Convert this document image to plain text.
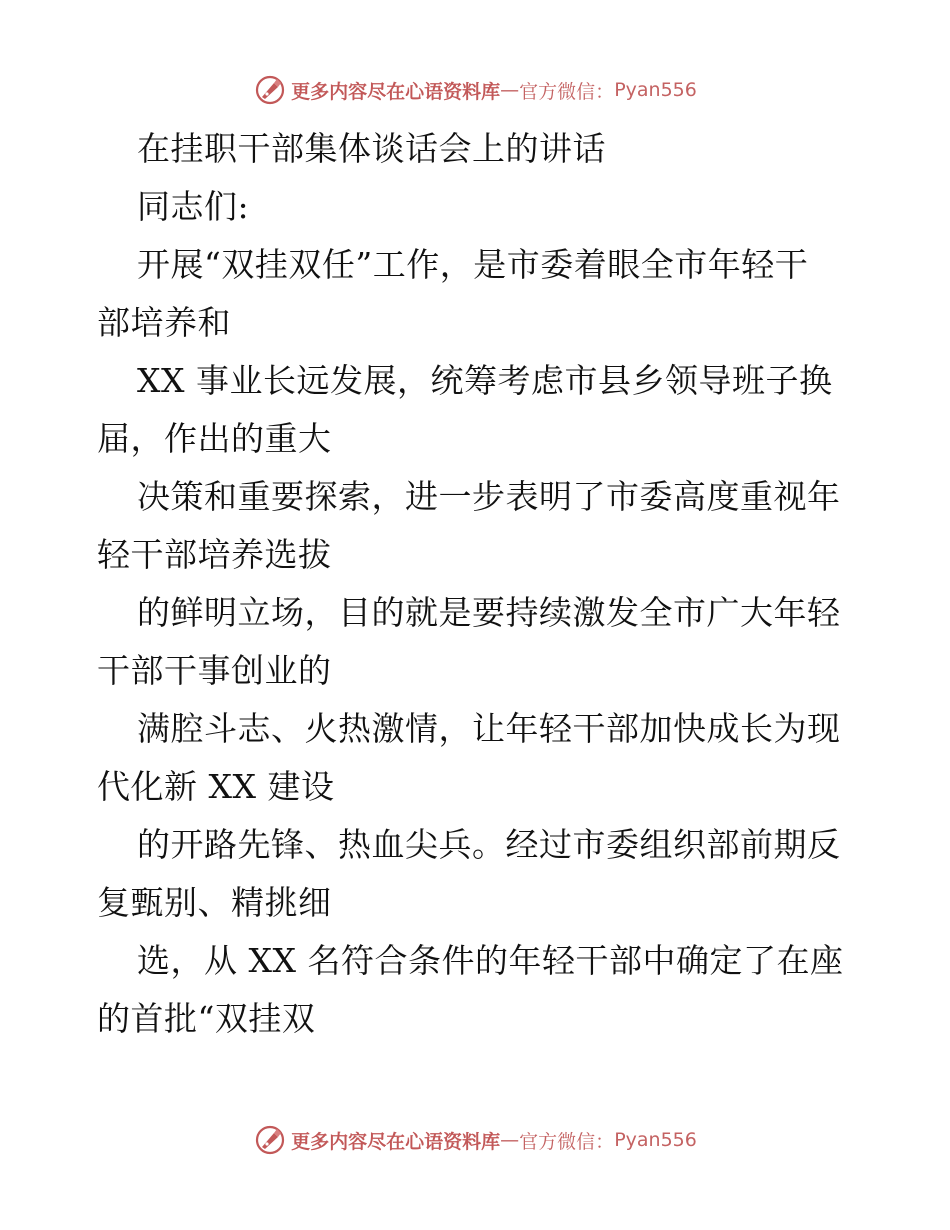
更多内容尽在心语资料库 — 官方微信： Pyan556
在挂职干部集体谈话会上的讲话
同志们:
开展“双挂双任”工作，是市委着眼全市年轻干
部培养和
XX 事业长远发展，统筹考虑市县乡领导班子换
届，作出的重大
决策和重要探索，进一步表明了市委高度重视年
轻干部培养选拔
的鲜明立场，目的就是要持续激发全市广大年轻
干部干事创业的
满腔斗志、火热激情，让年轻干部加快成长为现
代化新 XX 建设
的开路先锋、热血尖兵。经过市委组织部前期反
复甄别、精挑细
选，从 XX 名符合条件的年轻干部中确定了在座
的首批“双挂双
更多内容尽在心语资料库 — 官方微信： Pyan556
